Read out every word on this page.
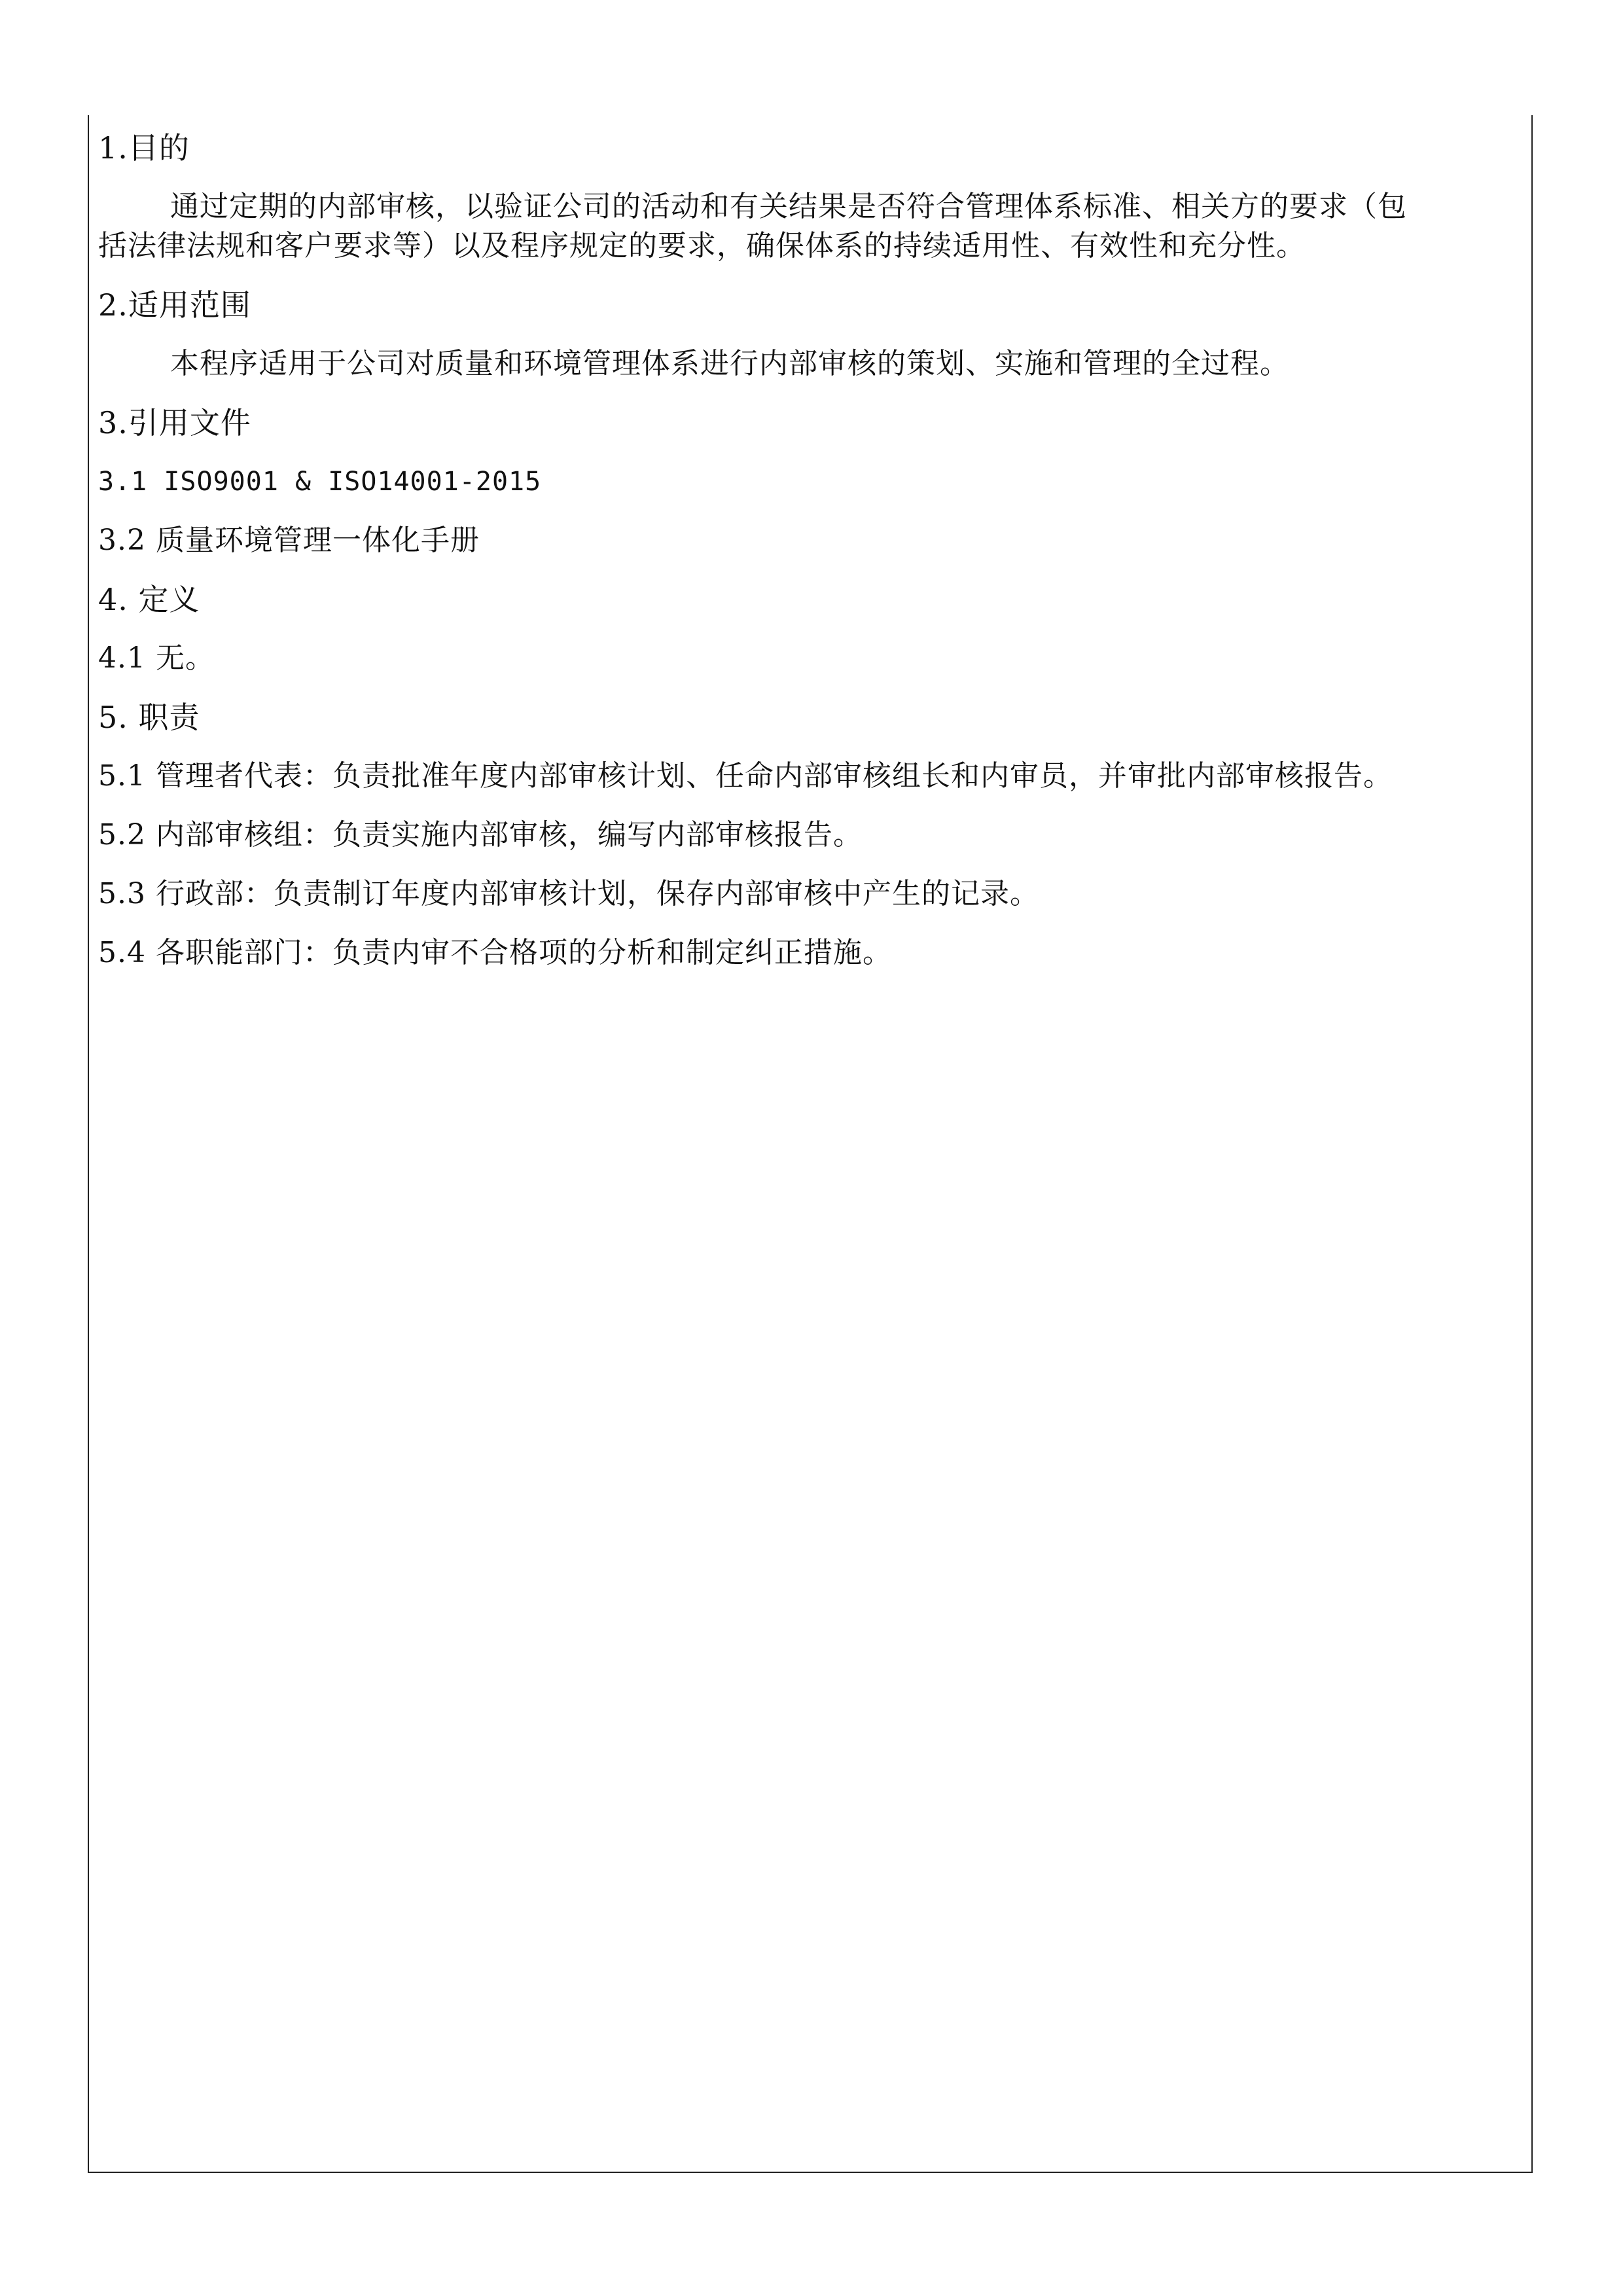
1.目的
通过定期的内部审核，以验证公司的活动和有关结果是否符合管理体系标准、相关方的要求（包
括法律法规和客户要求等）以及程序规定的要求，确保体系的持续适用性、有效性和充分性。
2.适用范围
本程序适用于公司对质量和环境管理体系进行内部审核的策划、实施和管理的全过程。
3.引用文件
3.1 ISO9001 & ISO14001-2015
3.2 质量环境管理一体化手册
4. 定义
4.1 无。
5. 职责
5.1 管理者代表：负责批准年度内部审核计划、任命内部审核组长和内审员，并审批内部审核报告。
5.2 内部审核组：负责实施内部审核，编写内部审核报告。
5.3 行政部：负责制订年度内部审核计划，保存内部审核中产生的记录。
5.4 各职能部门：负责内审不合格项的分析和制定纠正措施。
